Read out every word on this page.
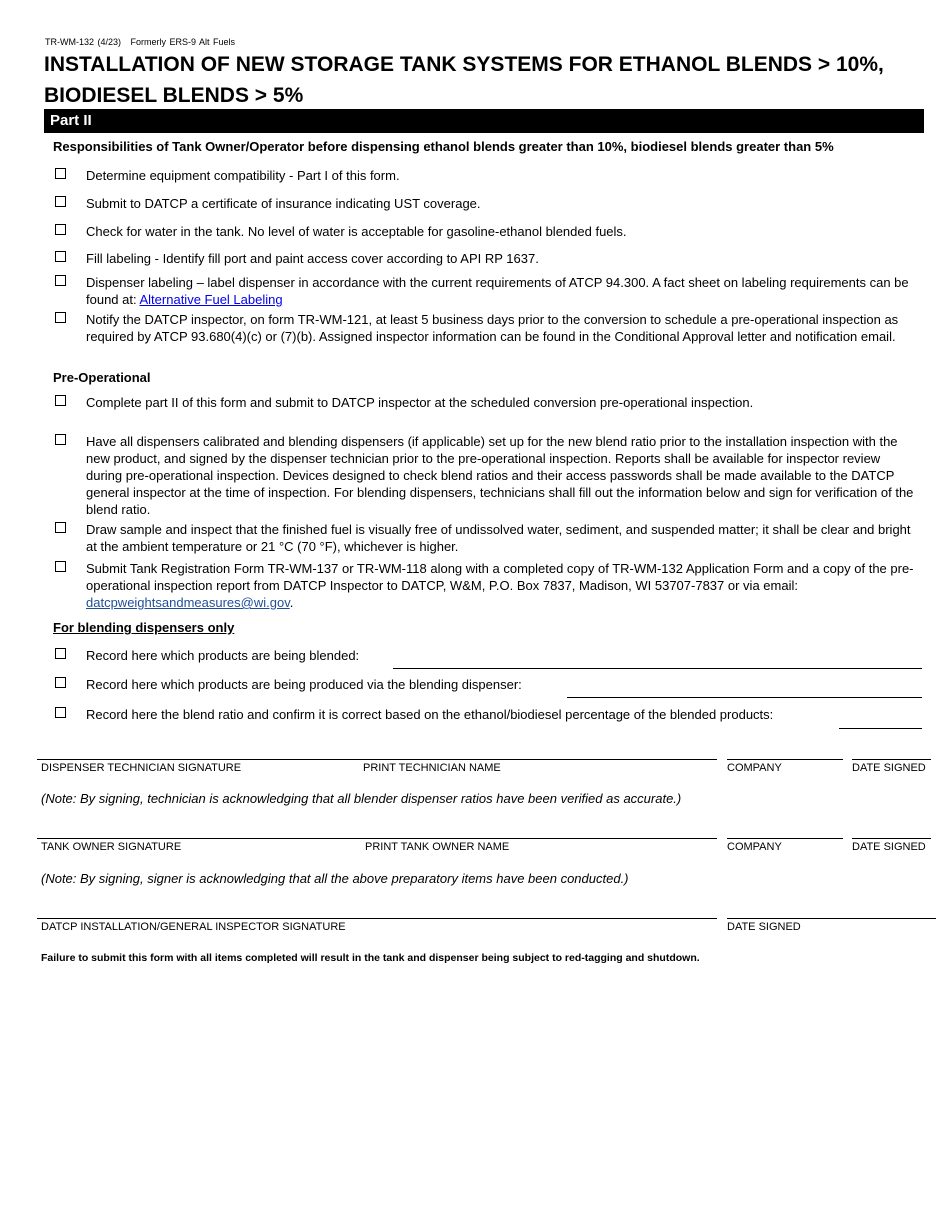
TR-WM-132 (4/23) Formerly ERS-9 Alt Fuels
INSTALLATION OF NEW STORAGE TANK SYSTEMS FOR ETHANOL BLENDS > 10%, BIODIESEL BLENDS > 5%
Part II
Responsibilities of Tank Owner/Operator before dispensing ethanol blends greater than 10%, biodiesel blends greater than 5%
Determine equipment compatibility - Part I of this form.
Submit to DATCP a certificate of insurance indicating UST coverage.
Check for water in the tank. No level of water is acceptable for gasoline-ethanol blended fuels.
Fill labeling - Identify fill port and paint access cover according to API RP 1637.
Dispenser labeling – label dispenser in accordance with the current requirements of ATCP 94.300. A fact sheet on labeling requirements can be found at: Alternative Fuel Labeling
Notify the DATCP inspector, on form TR-WM-121, at least 5 business days prior to the conversion to schedule a pre-operational inspection as required by ATCP 93.680(4)(c) or (7)(b). Assigned inspector information can be found in the Conditional Approval letter and notification email.
Pre-Operational
Complete part II of this form and submit to DATCP inspector at the scheduled conversion pre-operational inspection.
Have all dispensers calibrated and blending dispensers (if applicable) set up for the new blend ratio prior to the installation inspection with the new product, and signed by the dispenser technician prior to the pre-operational inspection. Reports shall be available for inspector review during pre-operational inspection. Devices designed to check blend ratios and their access passwords shall be made available to the DATCP general inspector at the time of inspection. For blending dispensers, technicians shall fill out the information below and sign for verification of the blend ratio.
Draw sample and inspect that the finished fuel is visually free of undissolved water, sediment, and suspended matter; it shall be clear and bright at the ambient temperature or 21 °C (70 °F), whichever is higher.
Submit Tank Registration Form TR-WM-137 or TR-WM-118 along with a completed copy of TR-WM-132 Application Form and a copy of the pre-operational inspection report from DATCP Inspector to DATCP, W&M, P.O. Box 7837, Madison, WI 53707-7837 or via email: datcpweightsandmeasures@wi.gov.
For blending dispensers only
Record here which products are being blended:
Record here which products are being produced via the blending dispenser:
Record here the blend ratio and confirm it is correct based on the ethanol/biodiesel percentage of the blended products:
DISPENSER TECHNICIAN SIGNATURE	PRINT TECHNICIAN NAME	COMPANY	DATE SIGNED
(Note: By signing, technician is acknowledging that all blender dispenser ratios have been verified as accurate.)
TANK OWNER SIGNATURE	PRINT TANK OWNER NAME	COMPANY	DATE SIGNED
(Note: By signing, signer is acknowledging that all the above preparatory items have been conducted.)
DATCP INSTALLATION/GENERAL INSPECTOR SIGNATURE	DATE SIGNED
Failure to submit this form with all items completed will result in the tank and dispenser being subject to red-tagging and shutdown.
